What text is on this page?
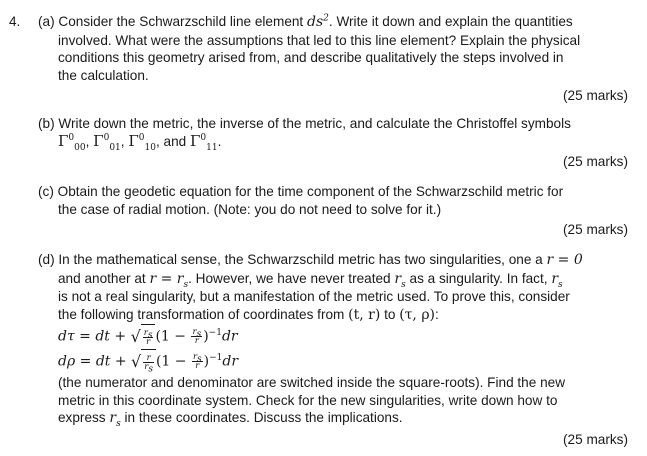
4. (a) Consider the Schwarzschild line element $ds^2$. Write it down and explain the quantities
involved. What were the assumptions that led to this line element? Explain the physical
conditions this geometry arised from, and describe qualitatively the steps involved in
the calculation.
(25 marks)
(b) Write down the metric, the inverse of the metric, and calculate the Christoffel symbols
$\Gamma^0_{00}$, $\Gamma^0_{01}$, $\Gamma^0_{10}$, and $\Gamma^0_{11}$.
(25 marks)
(c) Obtain the geodetic equation for the time component of the Schwarzschild metric for
the case of radial motion. (Note: you do not need to solve for it.)
(25 marks)
(d) In the mathematical sense, the Schwarzschild metric has two singularities, one a r = 0
and another at $r = r_s$. However, we have never treated $r_s$ as a singularity. In fact, $r_s$
is not a real singularity, but a manifestation of the metric used. To prove this, consider
the following transformation of coordinates from (t, r) to (τ, ρ):
dτ = dt + √ $\frac{r_s}{r} (1 - \frac{r_s}{r} )^{-1}dr$
dρ = dt + √ $\frac{r}{r_s} (1 - \frac{r_s}{r} )^{-1}dr$
(the numerator and denominator are switched inside the square-roots). Find the new
metric in this coordinate system. Check for the new singularities, write down how to
express $r_s$ in these coordinates. Discuss the implications.
(25 marks)
